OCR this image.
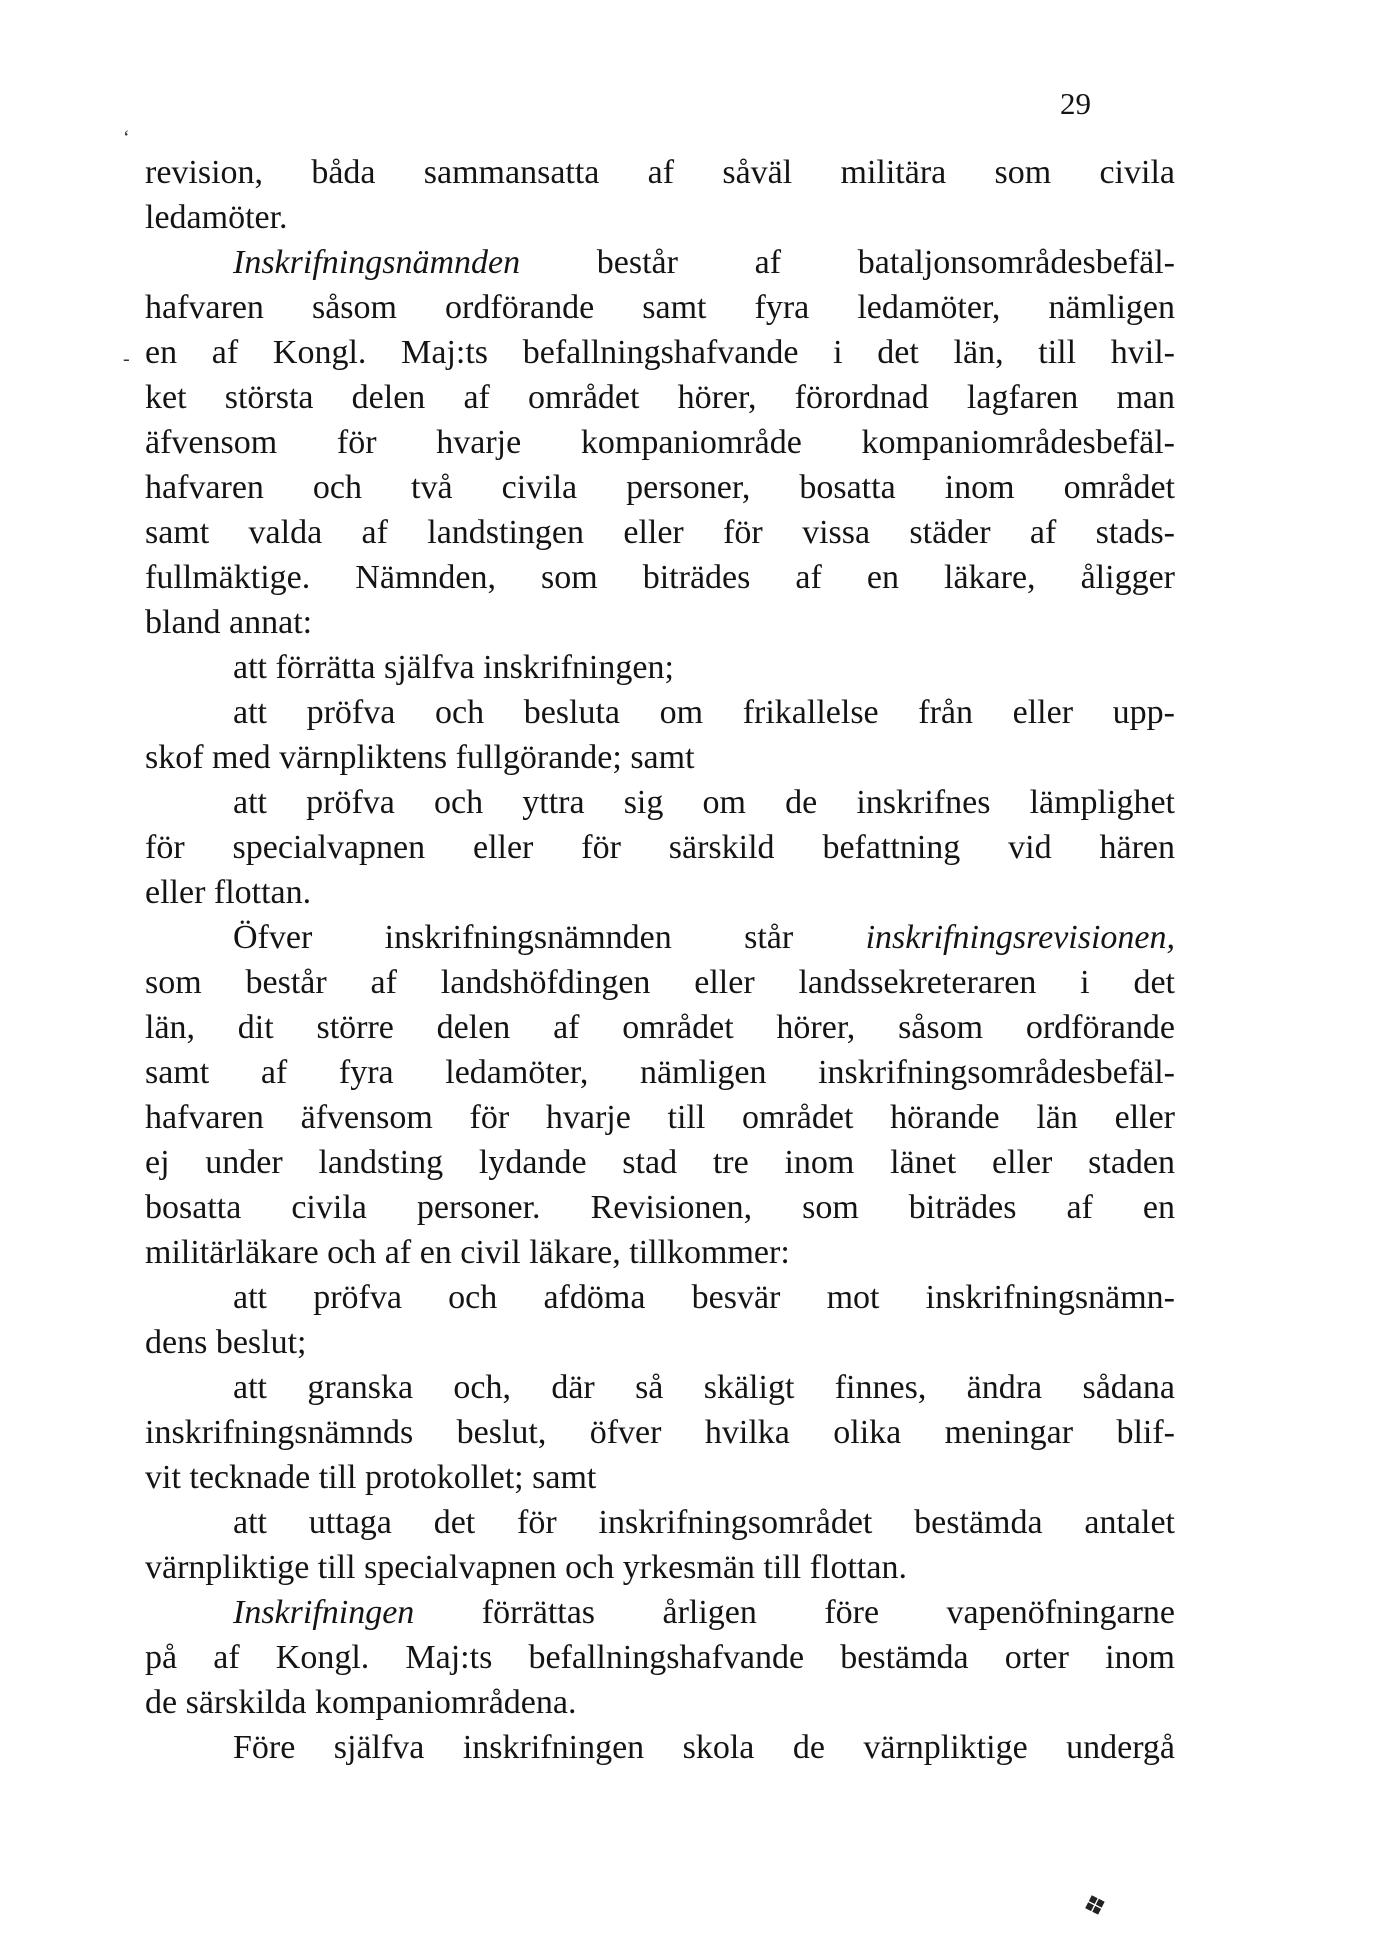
29
‘
-
revision, båda sammansatta af såväl militära som civila
ledamöter.
Inskrifningsnämnden består af bataljonsområdesbefäl-
hafvaren såsom ordförande samt fyra ledamöter, nämligen
en af Kongl. Maj:ts befallningshafvande i det län, till hvil-
ket största delen af området hörer, förordnad lagfaren man
äfvensom för hvarje kompaniområde kompaniområdesbefäl-
hafvaren och två civila personer, bosatta inom området
samt valda af landstingen eller för vissa städer af stads-
fullmäktige. Nämnden, som biträdes af en läkare, åligger
bland annat:
att förrätta själfva inskrifningen;
att pröfva och besluta om frikallelse från eller upp-
skof med värnpliktens fullgörande; samt
att pröfva och yttra sig om de inskrifnes lämplighet
för specialvapnen eller för särskild befattning vid hären
eller flottan.
Öfver inskrifningsnämnden står inskrifningsrevisionen,
som består af landshöfdingen eller landssekreteraren i det
län, dit större delen af området hörer, såsom ordförande
samt af fyra ledamöter, nämligen inskrifningsområdesbefäl-
hafvaren äfvensom för hvarje till området hörande län eller
ej under landsting lydande stad tre inom länet eller staden
bosatta civila personer. Revisionen, som biträdes af en
militärläkare och af en civil läkare, tillkommer:
att pröfva och afdöma besvär mot inskrifningsnämn-
dens beslut;
att granska och, där så skäligt finnes, ändra sådana
inskrifningsnämnds beslut, öfver hvilka olika meningar blif-
vit tecknade till protokollet; samt
att uttaga det för inskrifningsområdet bestämda antalet
värnpliktige till specialvapnen och yrkesmän till flottan.
Inskrifningen förrättas årligen före vapenöfningarne
på af Kongl. Maj:ts befallningshafvande bestämda orter inom
de särskilda kompaniområdena.
Före själfva inskrifningen skola de värnpliktige undergå
❖
